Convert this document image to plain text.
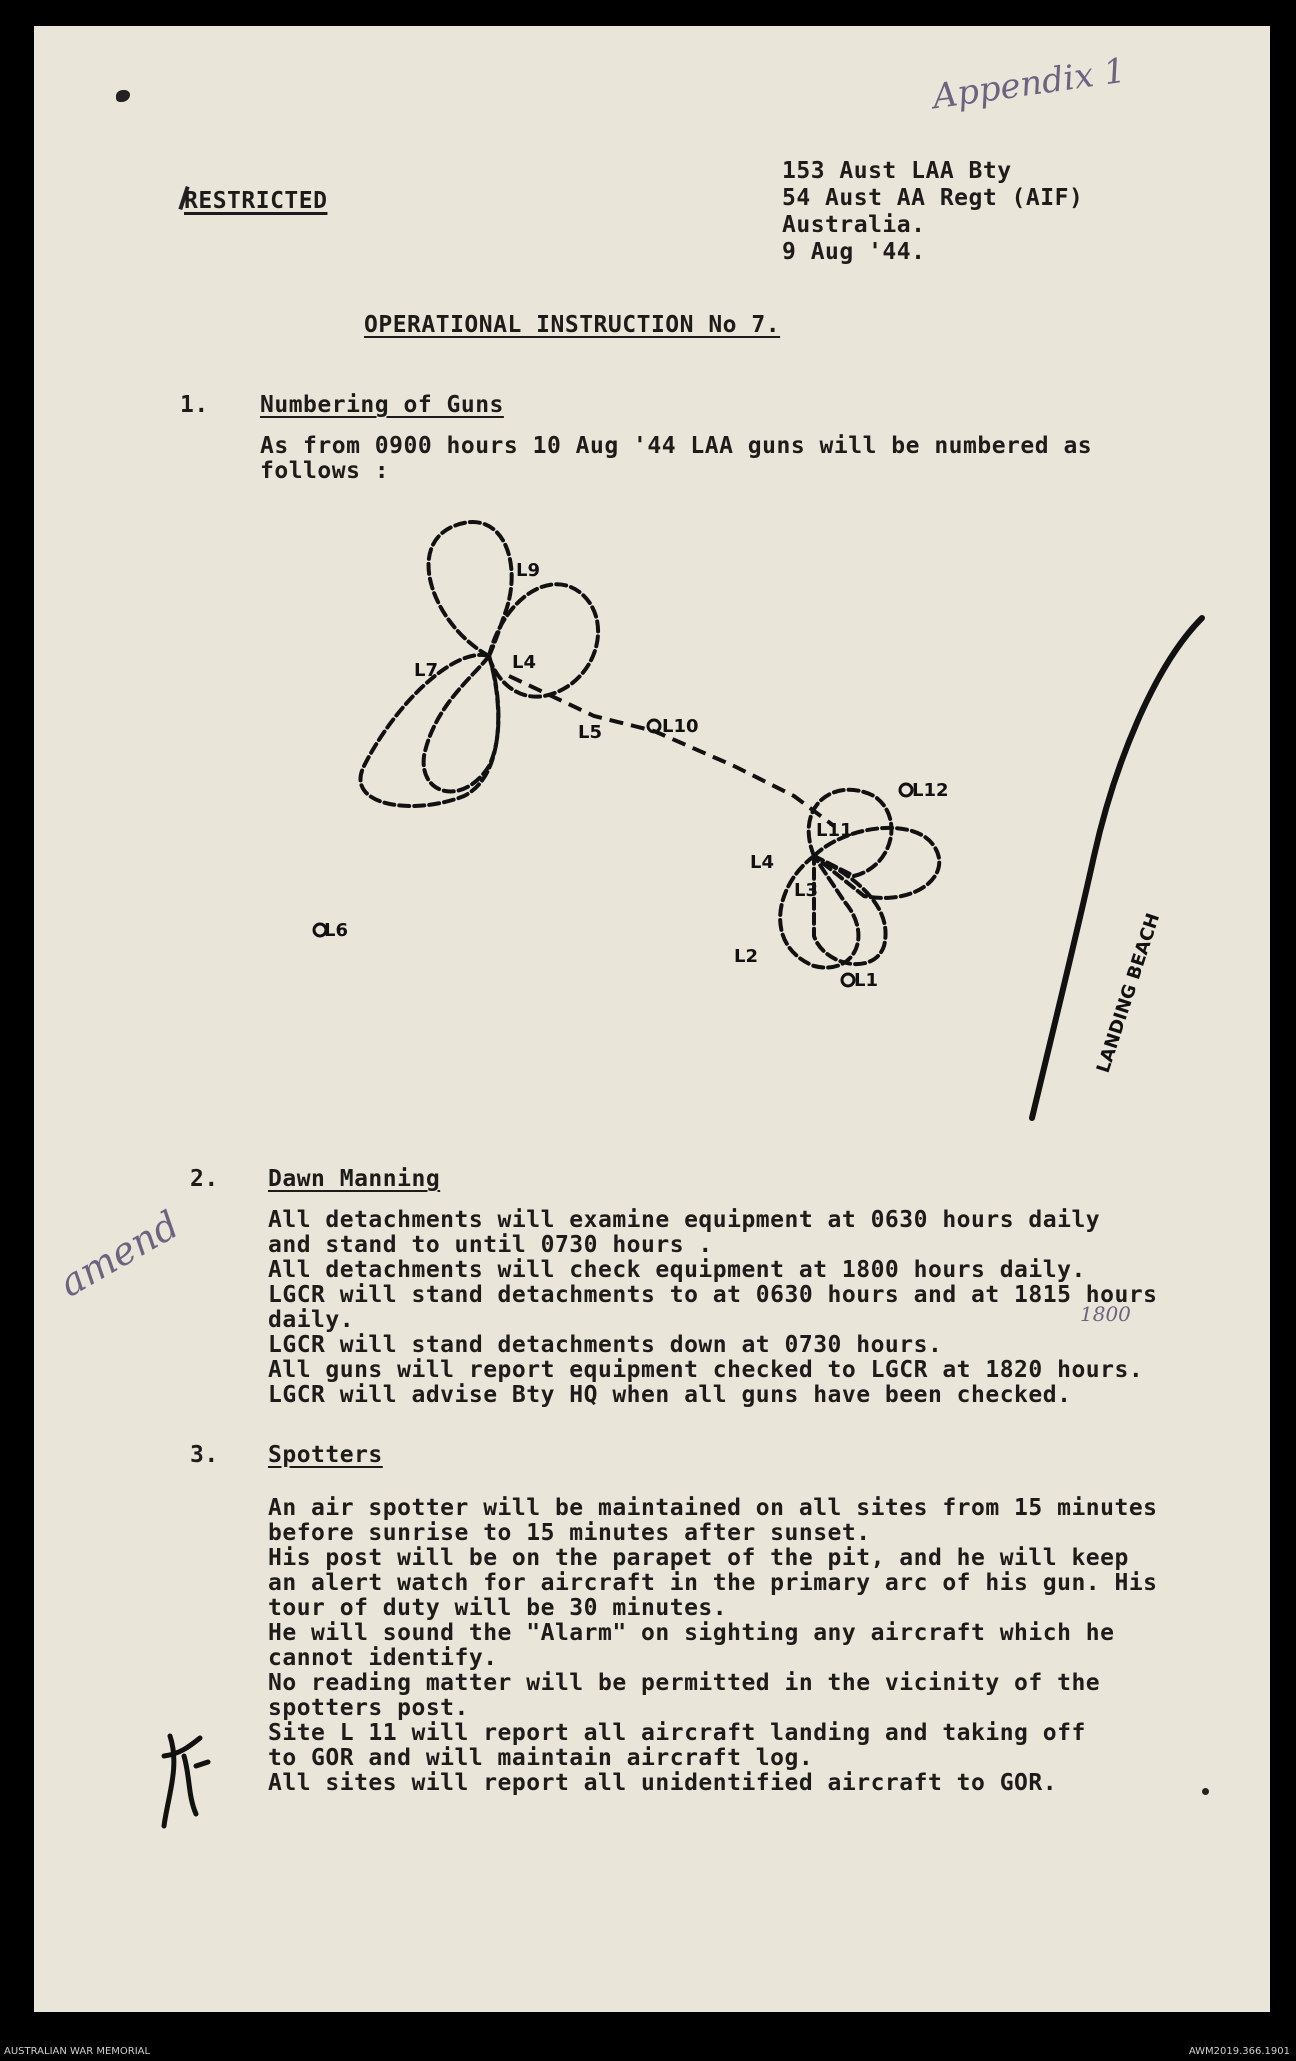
Appendix 1
RESTRICTED
153 Aust LAA Bty
54 Aust AA Regt (AIF)
Australia.
9 Aug '44.
OPERATIONAL INSTRUCTION No 7.
1. Numbering of Guns

As from 0900 hours 10 Aug '44 LAA guns will be numbered as

follows :

L9
L7	L4
L5	L10
L12
L11
L4
L3
L6
L2
L1	LANDING BEACH
2. Dawn Manning
amend	All detachments will examine equipment at 0630 hours daily

and stand to until 0730 hours .

All detachments will check equipment at 1800 hours daily.

LGCR will stand detachments to at 0630 hours and at 1815 hours

daily.

LGCR will stand detachments down at 0730 hours.

All guns will report equipment checked to LGCR at 1820 hours.

LGCR will advise Bty HQ when all guns have been checked.

1800
3. Spotters

An air spotter will be maintained on all sites from 15 minutes

before sunrise to 15 minutes after sunset.

His post will be on the parapet of the pit, and he will keep

an alert watch for aircraft in the primary arc of his gun. His

tour of duty will be 30 minutes.

He will sound the "Alarm" on sighting any aircraft which he

cannot identify.

No reading matter will be permitted in the vicinity of the

spotters post.

Site L 11 will report all aircraft landing and taking off

to GOR and will maintain aircraft log.

All sites will report all unidentified aircraft to GOR.

AUSTRALIAN WAR MEMORIAL	AWM2019.366.1901
